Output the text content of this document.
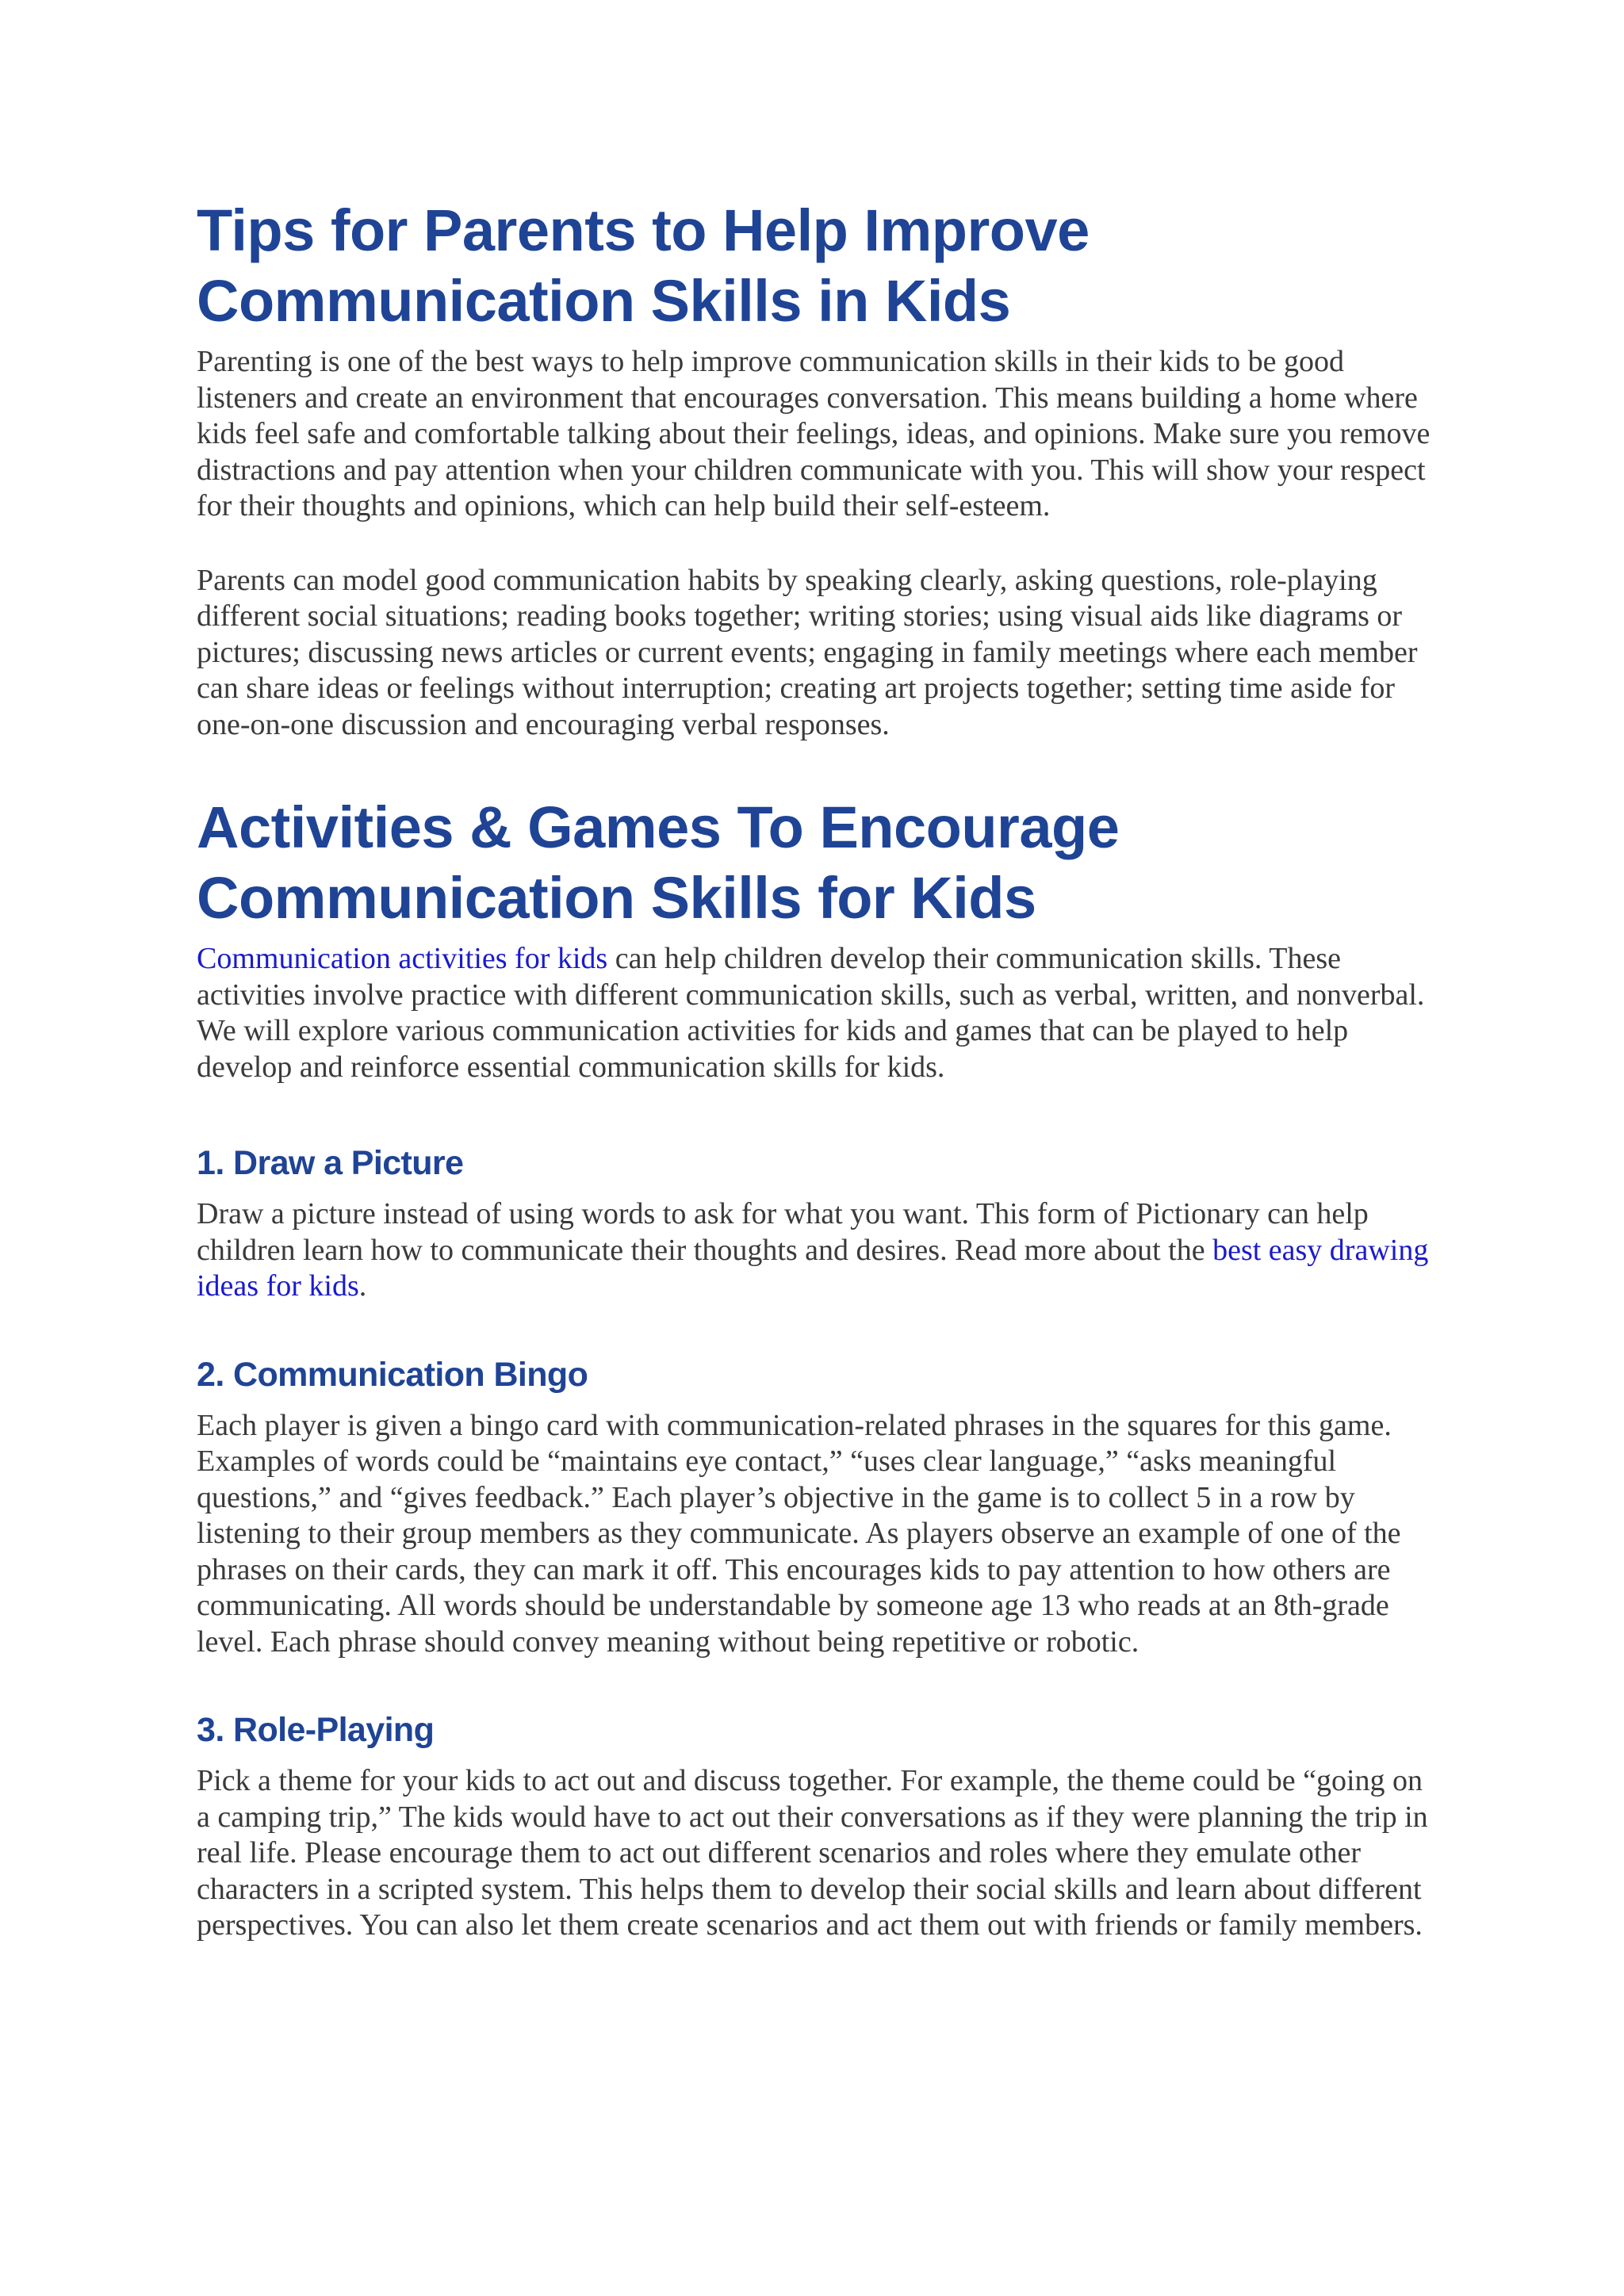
Tips for Parents to Help Improve Communication Skills in Kids

Parenting is one of the best ways to help improve communication skills in their kids to be good listeners and create an environment that encourages conversation. This means building a home where kids feel safe and comfortable talking about their feelings, ideas, and opinions. Make sure you remove distractions and pay attention when your children communicate with you. This will show your respect for their thoughts and opinions, which can help build their self-esteem.

Parents can model good communication habits by speaking clearly, asking questions, role-playing different social situations; reading books together; writing stories; using visual aids like diagrams or pictures; discussing news articles or current events; engaging in family meetings where each member can share ideas or feelings without interruption; creating art projects together; setting time aside for one-on-one discussion and encouraging verbal responses.

Activities & Games To Encourage Communication Skills for Kids

Communication activities for kids can help children develop their communication skills. These activities involve practice with different communication skills, such as verbal, written, and nonverbal. We will explore various communication activities for kids and games that can be played to help develop and reinforce essential communication skills for kids.

1. Draw a Picture

Draw a picture instead of using words to ask for what you want. This form of Pictionary can help children learn how to communicate their thoughts and desires. Read more about the best easy drawing ideas for kids.

2. Communication Bingo

Each player is given a bingo card with communication-related phrases in the squares for this game. Examples of words could be “maintains eye contact,” “uses clear language,” “asks meaningful questions,” and “gives feedback.” Each player’s objective in the game is to collect 5 in a row by listening to their group members as they communicate. As players observe an example of one of the phrases on their cards, they can mark it off. This encourages kids to pay attention to how others are communicating. All words should be understandable by someone age 13 who reads at an 8th-grade level. Each phrase should convey meaning without being repetitive or robotic.

3. Role-Playing

Pick a theme for your kids to act out and discuss together. For example, the theme could be “going on a camping trip,” The kids would have to act out their conversations as if they were planning the trip in real life. Please encourage them to act out different scenarios and roles where they emulate other characters in a scripted system. This helps them to develop their social skills and learn about different perspectives. You can also let them create scenarios and act them out with friends or family members.
